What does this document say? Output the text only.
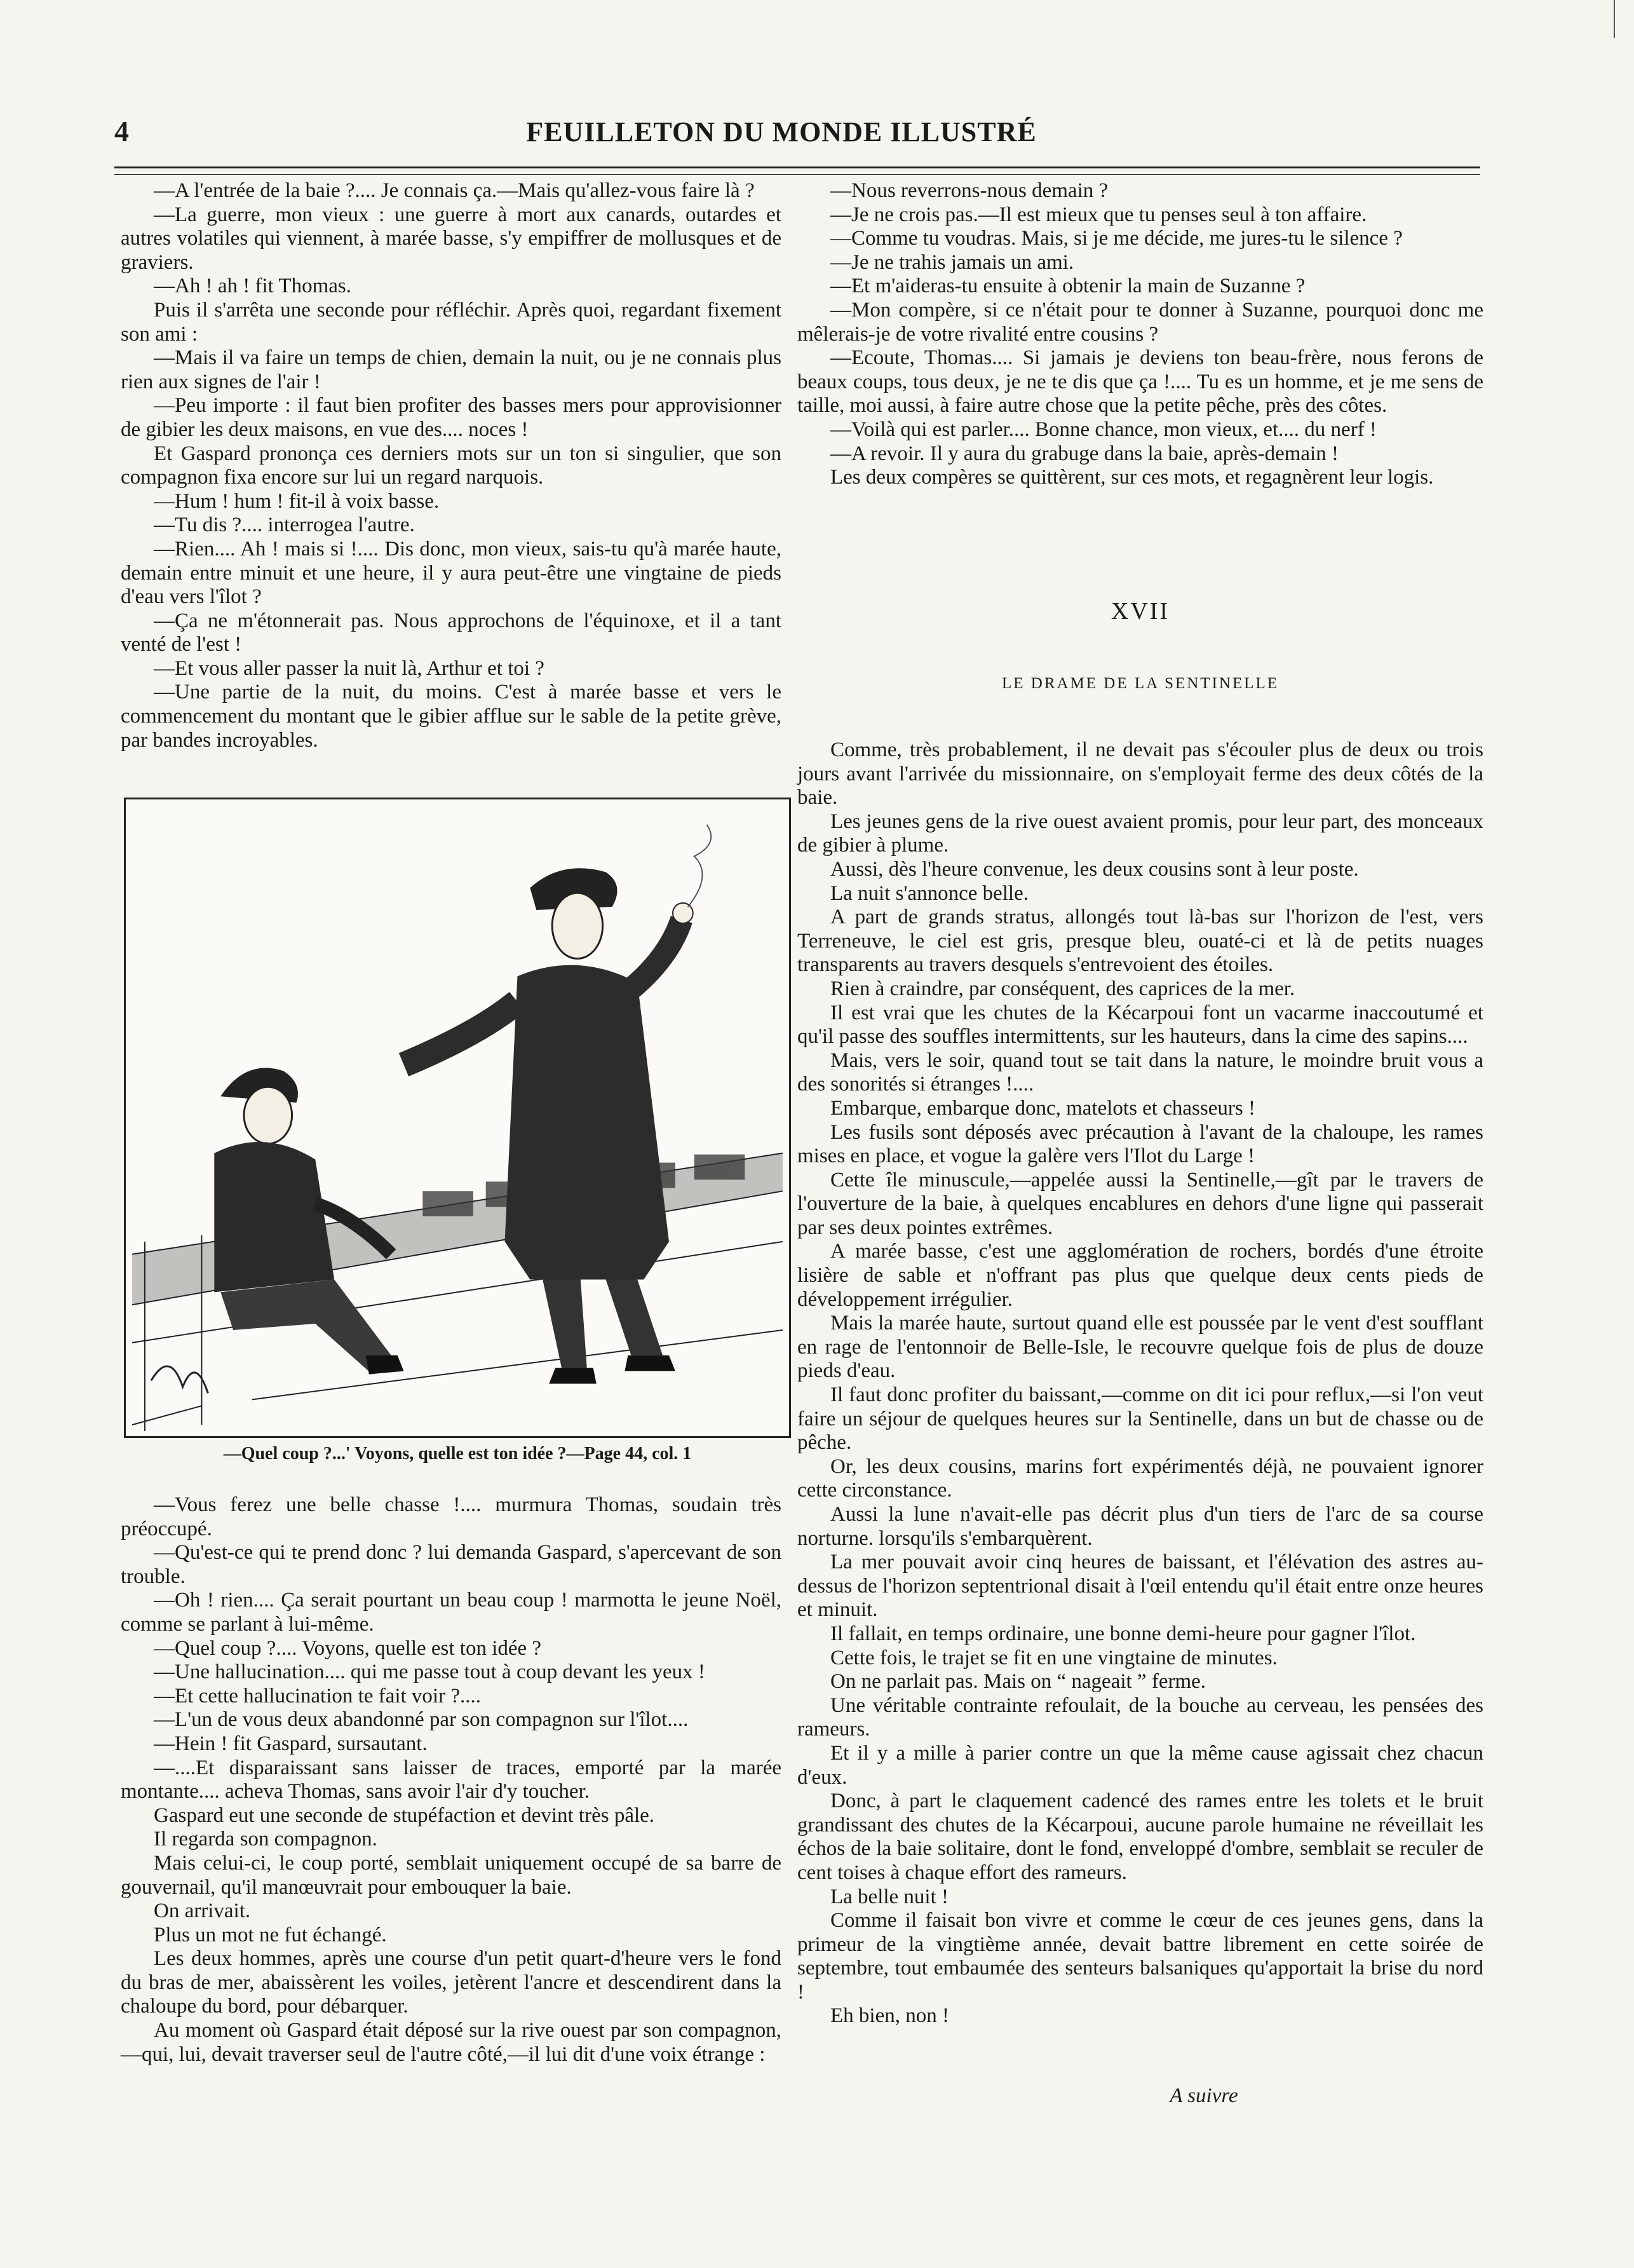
4	FEUILLETON DU MONDE ILLUSTRÉ

—A l'entrée de la baie ?.... Je connais ça.—Mais qu'allez-vous faire là ?

—La guerre, mon vieux : une guerre à mort aux canards, outardes et autres volatiles qui viennent, à marée basse, s'y empiffrer de mollusques et de graviers.

—Ah ! ah ! fit Thomas.

Puis il s'arrêta une seconde pour réfléchir. Après quoi, regardant fixement son ami :

—Mais il va faire un temps de chien, demain la nuit, ou je ne connais plus rien aux signes de l'air !

—Peu importe : il faut bien profiter des basses mers pour approvisionner de gibier les deux maisons, en vue des.... noces !

Et Gaspard prononça ces derniers mots sur un ton si singulier, que son compagnon fixa encore sur lui un regard narquois.

—Hum ! hum ! fit-il à voix basse.

—Tu dis ?.... interrogea l'autre.

—Rien.... Ah ! mais si !.... Dis donc, mon vieux, sais-tu qu'à marée haute, demain entre minuit et une heure, il y aura peut-être une vingtaine de pieds d'eau vers l'îlot ?

—Ça ne m'étonnerait pas. Nous approchons de l'équinoxe, et il a tant venté de l'est !

—Et vous aller passer la nuit là, Arthur et toi ?

—Une partie de la nuit, du moins. C'est à marée basse et vers le commencement du montant que le gibier afflue sur le sable de la petite grève, par bandes incroyables.

—Quel coup ?...' Voyons, quelle est ton idée ?—Page 44, col. 1

—Vous ferez une belle chasse !.... murmura Thomas, soudain très préoccupé.

—Qu'est-ce qui te prend donc ? lui demanda Gaspard, s'apercevant de son trouble.

—Oh ! rien.... Ça serait pourtant un beau coup ! marmotta le jeune Noël, comme se parlant à lui-même.

—Quel coup ?.... Voyons, quelle est ton idée ?

—Une hallucination.... qui me passe tout à coup devant les yeux !

—Et cette hallucination te fait voir ?....

—L'un de vous deux abandonné par son compagnon sur l'îlot....

—Hein ! fit Gaspard, sursautant.

—....Et disparaissant sans laisser de traces, emporté par la marée montante.... acheva Thomas, sans avoir l'air d'y toucher.

Gaspard eut une seconde de stupéfaction et devint très pâle.

Il regarda son compagnon.

Mais celui-ci, le coup porté, semblait uniquement occupé de sa barre de gouvernail, qu'il manœuvrait pour embouquer la baie.

On arrivait.

Plus un mot ne fut échangé.

Les deux hommes, après une course d'un petit quart-d'heure vers le fond du bras de mer, abaissèrent les voiles, jetèrent l'ancre et descendirent dans la chaloupe du bord, pour débarquer.

Au moment où Gaspard était déposé sur la rive ouest par son compagnon,—qui, lui, devait traverser seul de l'autre côté,—il lui dit d'une voix étrange :

—Nous reverrons-nous demain ?

—Je ne crois pas.—Il est mieux que tu penses seul à ton affaire.

—Comme tu voudras. Mais, si je me décide, me jures-tu le silence ?

—Je ne trahis jamais un ami.

—Et m'aideras-tu ensuite à obtenir la main de Suzanne ?

—Mon compère, si ce n'était pour te donner à Suzanne, pourquoi donc me mêlerais-je de votre rivalité entre cousins ?

—Ecoute, Thomas.... Si jamais je deviens ton beau-frère, nous ferons de beaux coups, tous deux, je ne te dis que ça !.... Tu es un homme, et je me sens de taille, moi aussi, à faire autre chose que la petite pêche, près des côtes.

—Voilà qui est parler.... Bonne chance, mon vieux, et.... du nerf !

—A revoir. Il y aura du grabuge dans la baie, après-demain !

Les deux compères se quittèrent, sur ces mots, et regagnèrent leur logis.

XVII
LE DRAME DE LA SENTINELLE

Comme, très probablement, il ne devait pas s'écouler plus de deux ou trois jours avant l'arrivée du missionnaire, on s'employait ferme des deux côtés de la baie.

Les jeunes gens de la rive ouest avaient promis, pour leur part, des monceaux de gibier à plume.

Aussi, dès l'heure convenue, les deux cousins sont à leur poste.

La nuit s'annonce belle.

A part de grands stratus, allongés tout là-bas sur l'horizon de l'est, vers Terreneuve, le ciel est gris, presque bleu, ouaté-ci et là de petits nuages transparents au travers desquels s'entrevoient des étoiles.

Rien à craindre, par conséquent, des caprices de la mer.

Il est vrai que les chutes de la Kécarpoui font un vacarme inaccoutumé et qu'il passe des souffles intermittents, sur les hauteurs, dans la cime des sapins....

Mais, vers le soir, quand tout se tait dans la nature, le moindre bruit vous a des sonorités si étranges !....

Embarque, embarque donc, matelots et chasseurs !

Les fusils sont déposés avec précaution à l'avant de la chaloupe, les rames mises en place, et vogue la galère vers l'Ilot du Large !

Cette île minuscule,—appelée aussi la Sentinelle,—gît par le travers de l'ouverture de la baie, à quelques encablures en dehors d'une ligne qui passerait par ses deux pointes extrêmes.

A marée basse, c'est une agglomération de rochers, bordés d'une étroite lisière de sable et n'offrant pas plus que quelque deux cents pieds de développement irrégulier.

Mais la marée haute, surtout quand elle est poussée par le vent d'est soufflant en rage de l'entonnoir de Belle-Isle, le recouvre quelque fois de plus de douze pieds d'eau.

Il faut donc profiter du baissant,—comme on dit ici pour reflux,—si l'on veut faire un séjour de quelques heures sur la Sentinelle, dans un but de chasse ou de pêche.

Or, les deux cousins, marins fort expérimentés déjà, ne pouvaient ignorer cette circonstance.

Aussi la lune n'avait-elle pas décrit plus d'un tiers de l'arc de sa course norturne. lorsqu'ils s'embarquèrent.

La mer pouvait avoir cinq heures de baissant, et l'élévation des astres au-dessus de l'horizon septentrional disait à l'œil entendu qu'il était entre onze heures et minuit.

Il fallait, en temps ordinaire, une bonne demi-heure pour gagner l'îlot.

Cette fois, le trajet se fit en une vingtaine de minutes.

On ne parlait pas. Mais on “ nageait ” ferme.

Une véritable contrainte refoulait, de la bouche au cerveau, les pensées des rameurs.

Et il y a mille à parier contre un que la même cause agissait chez chacun d'eux.

Donc, à part le claquement cadencé des rames entre les tolets et le bruit grandissant des chutes de la Kécarpoui, aucune parole humaine ne réveillait les échos de la baie solitaire, dont le fond, enveloppé d'ombre, semblait se reculer de cent toises à chaque effort des rameurs.

La belle nuit !

Comme il faisait bon vivre et comme le cœur de ces jeunes gens, dans la primeur de la vingtième année, devait battre librement en cette soirée de septembre, tout embaumée des senteurs balsaniques qu'apportait la brise du nord !

Eh bien, non !

A suivre
